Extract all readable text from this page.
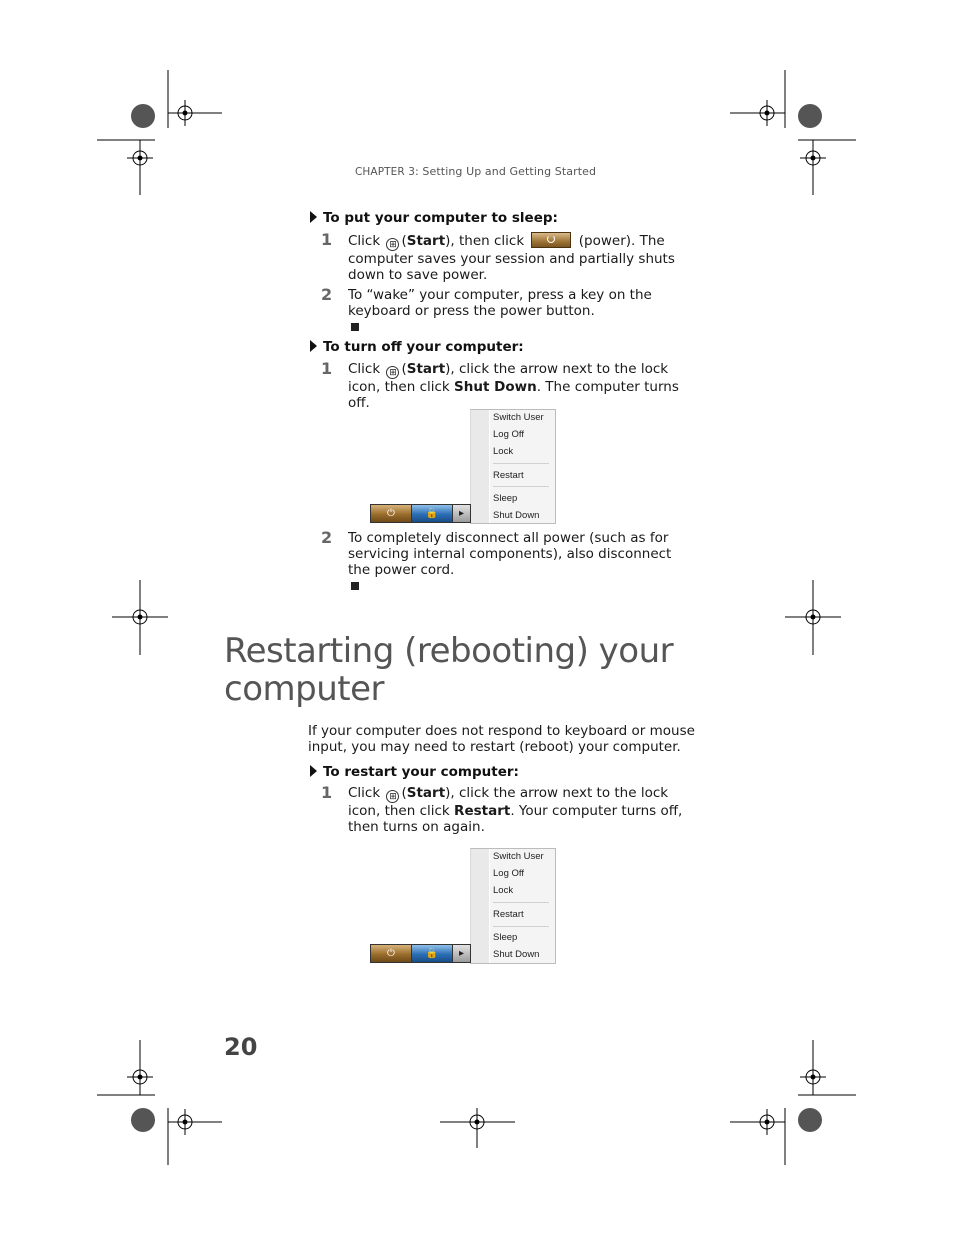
CHAPTER 3: Setting Up and Getting Started
To put your computer to sleep:
1 Click ⊞ (Start), then click	(power). The computer saves your session and partially shuts down to save power.
2 To “wake” your computer, press a key on the keyboard or press the power button.
To turn off your computer:
1 Click ⊞ (Start), click the arrow next to the lock icon, then click Shut Down. The computer turns off.
Switch User
Log Off
Lock
Restart
Sleep
Shut Down
⏻	🔒	▸
2 To completely disconnect all power (such as for servicing internal components), also disconnect the power cord.
Restarting (rebooting) your
computer
If your computer does not respond to keyboard or mouse input, you may need to restart (reboot) your computer.
To restart your computer:
1 Click ⊞ (Start), click the arrow next to the lock icon, then click Restart. Your computer turns off, then turns on again.
Switch User
Log Off
Lock
Restart
Sleep
Shut Down
⏻	🔒	▸
20
